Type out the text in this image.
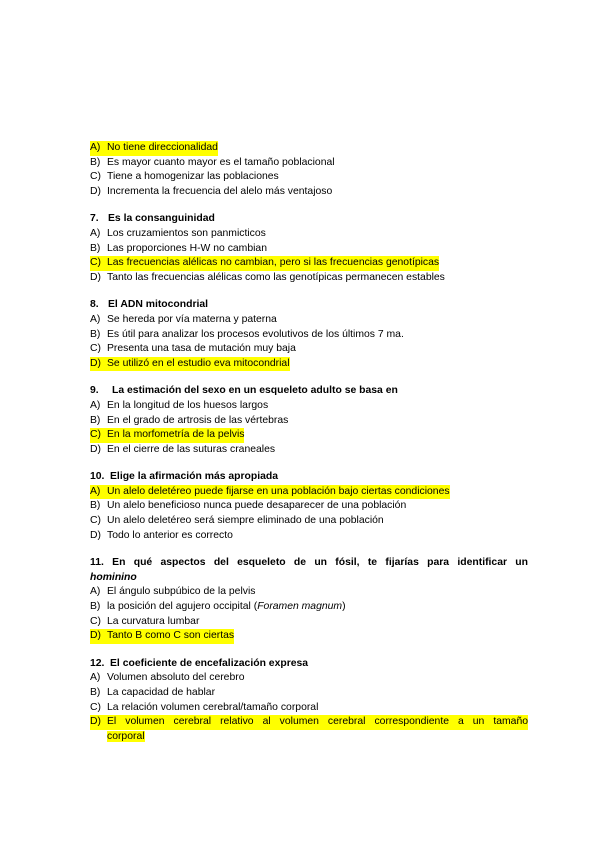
A) No tiene direccionalidad
B) Es mayor cuanto mayor es el tamaño poblacional
C) Tiene a homogenizar las poblaciones
D) Incrementa la frecuencia del alelo más ventajoso
7. Es la consanguinidad
A) Los cruzamientos son panmicticos
B) Las proporciones H-W no cambian
C) Las frecuencias alélicas no cambian, pero si las frecuencias genotípicas
D) Tanto las frecuencias alélicas como las genotípicas permanecen estables
8. El ADN mitocondrial
A) Se hereda por vía materna y paterna
B) Es útil para analizar los procesos evolutivos de los últimos 7 ma.
C) Presenta una tasa de mutación muy baja
D) Se utilizó en el estudio eva mitocondrial
9.	La estimación del sexo en un esqueleto adulto se basa en
A) En la longitud de los huesos largos
B) En el grado de artrosis de las vértebras
C) En la morfometría de la pelvis
D) En el cierre de las suturas craneales
10. Elige la afirmación más apropiada
A) Un alelo deletéreo puede fijarse en una población bajo ciertas condiciones
B) Un alelo beneficioso nunca puede desaparecer de una población
C) Un alelo deletéreo será siempre eliminado de una población
D) Todo lo anterior es correcto
11. En qué aspectos del esqueleto de un fósil, te fijarías para identificar un
hominino
A) El ángulo subpúbico de la pelvis
B) la posición del agujero occipital (Foramen magnum)
C) La curvatura lumbar
D) Tanto B como C son ciertas
12. El coeficiente de encefalización expresa
A) Volumen absoluto del cerebro
B) La capacidad de hablar
C) La relación volumen cerebral/tamaño corporal
D) El volumen cerebral relativo al volumen cerebral correspondiente a un tamaño
corporal
